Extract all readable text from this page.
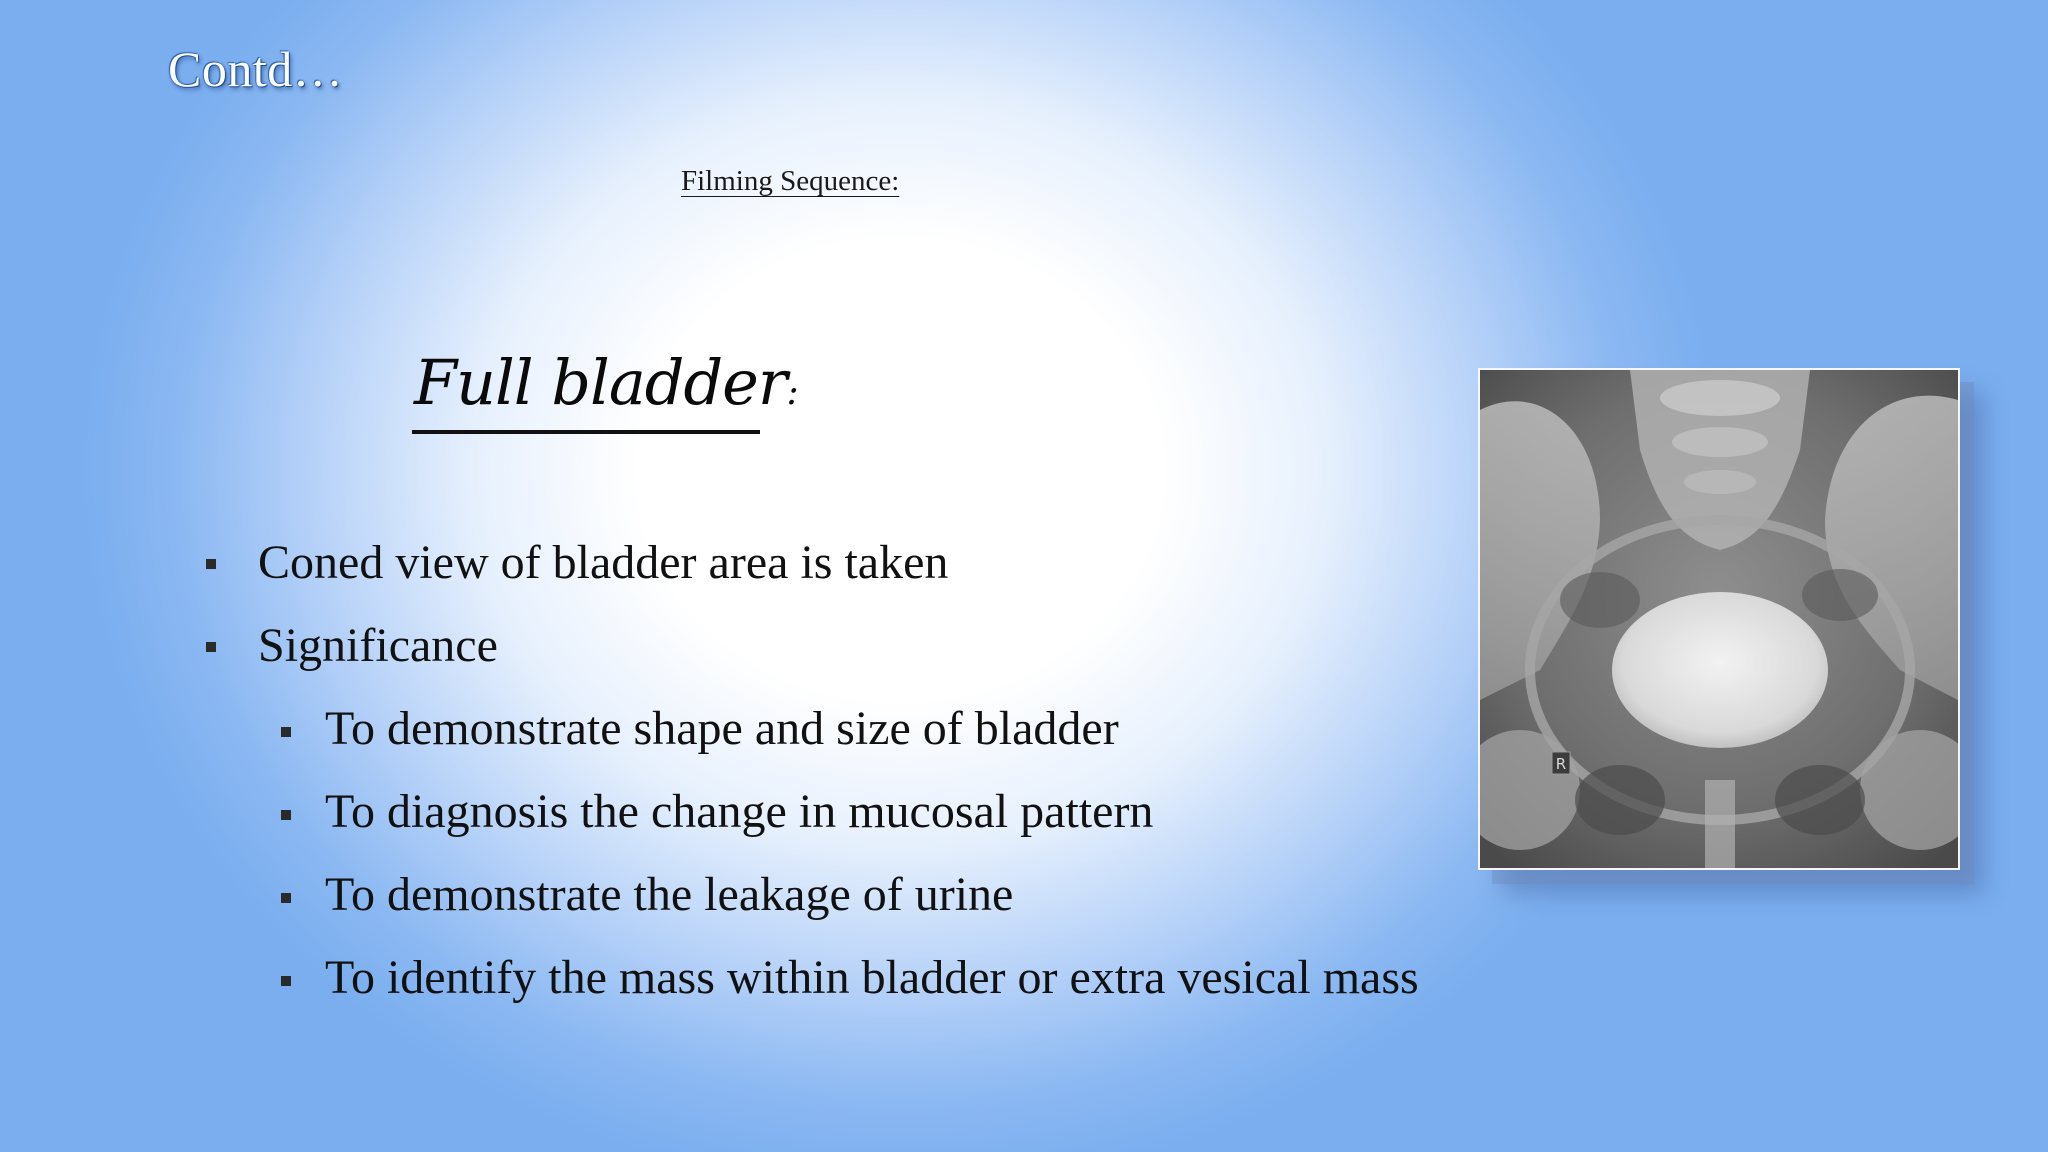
Contd…
Filming Sequence:
Full bladder:
Coned view of bladder area is taken
Significance
To demonstrate shape and size of bladder
To diagnosis the change in mucosal pattern
To demonstrate the leakage of urine
To identify the mass within bladder or extra vesical mass
R
